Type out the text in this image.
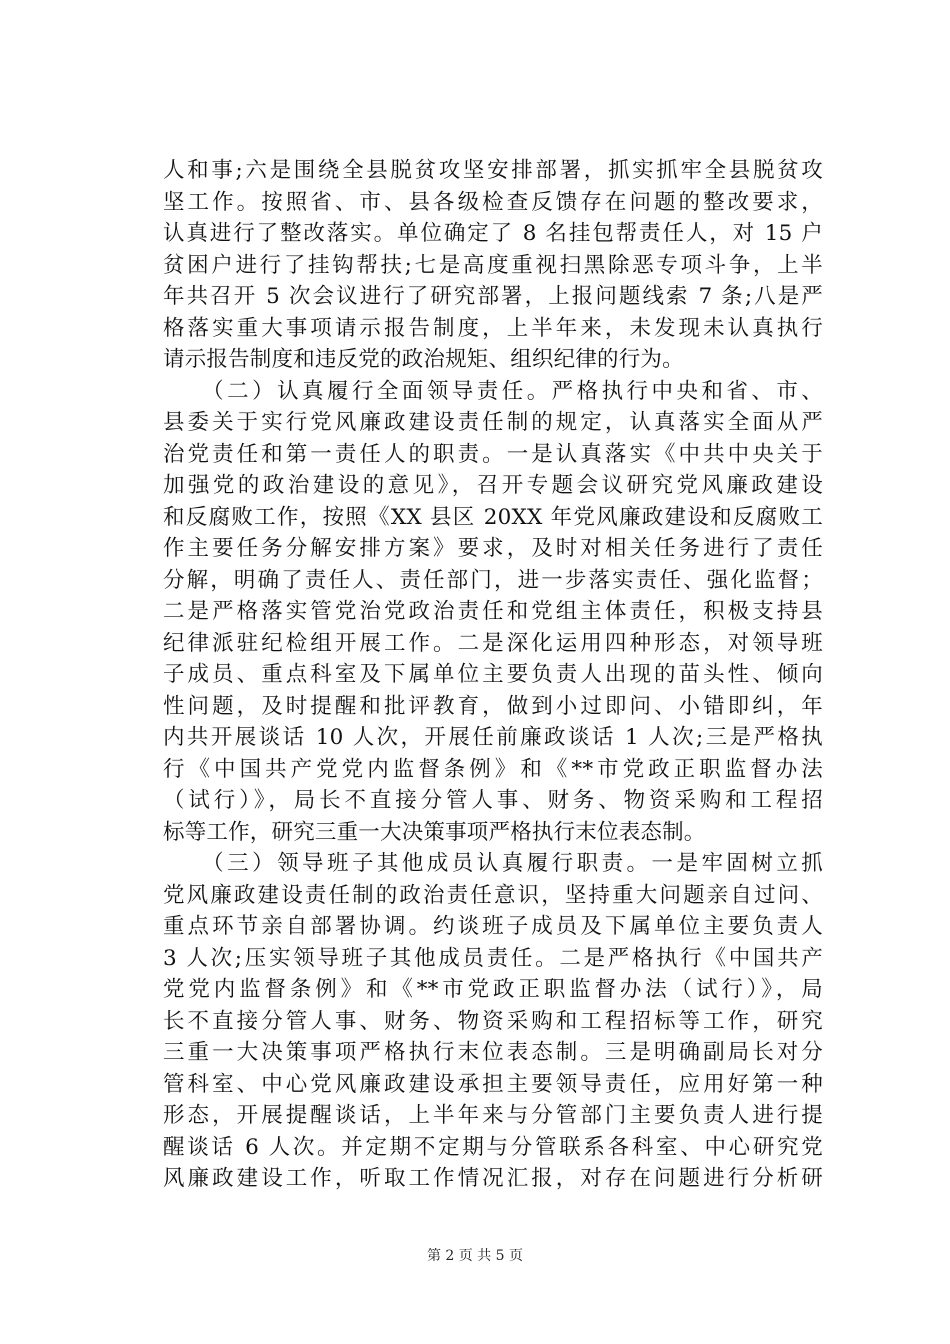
人和事;六是围绕全县脱贫攻坚安排部署，抓实抓牢全县脱贫攻
坚工作。按照省、市、县各级检查反馈存在问题的整改要求，
认真进行了整改落实。单位确定了 8 名挂包帮责任人，对 15 户
贫困户进行了挂钩帮扶;七是高度重视扫黑除恶专项斗争，上半
年共召开 5 次会议进行了研究部署，上报问题线索 7 条;八是严
格落实重大事项请示报告制度，上半年来，未发现未认真执行
请示报告制度和违反党的政治规矩、组织纪律的行为。
　　（二）认真履行全面领导责任。严格执行中央和省、市、
县委关于实行党风廉政建设责任制的规定，认真落实全面从严
治党责任和第一责任人的职责。一是认真落实《中共中央关于
加强党的政治建设的意见》，召开专题会议研究党风廉政建设
和反腐败工作，按照《XX 县区 20XX 年党风廉政建设和反腐败工
作主要任务分解安排方案》要求，及时对相关任务进行了责任
分解，明确了责任人、责任部门，进一步落实责任、强化监督；
二是严格落实管党治党政治责任和党组主体责任，积极支持县
纪律派驻纪检组开展工作。二是深化运用四种形态，对领导班
子成员、重点科室及下属单位主要负责人出现的苗头性、倾向
性问题，及时提醒和批评教育，做到小过即问、小错即纠，年
内共开展谈话 10 人次，开展任前廉政谈话 1 人次;三是严格执
行《中国共产党党内监督条例》和《**市党政正职监督办法
（试行）》，局长不直接分管人事、财务、物资采购和工程招
标等工作，研究三重一大决策事项严格执行末位表态制。
　　（三）领导班子其他成员认真履行职责。一是牢固树立抓
党风廉政建设责任制的政治责任意识，坚持重大问题亲自过问、
重点环节亲自部署协调。约谈班子成员及下属单位主要负责人
3 人次;压实领导班子其他成员责任。二是严格执行《中国共产
党党内监督条例》和《**市党政正职监督办法（试行）》，局
长不直接分管人事、财务、物资采购和工程招标等工作，研究
三重一大决策事项严格执行末位表态制。三是明确副局长对分
管科室、中心党风廉政建设承担主要领导责任，应用好第一种
形态，开展提醒谈话，上半年来与分管部门主要负责人进行提
醒谈话 6 人次。并定期不定期与分管联系各科室、中心研究党
风廉政建设工作，听取工作情况汇报，对存在问题进行分析研
第 2 页 共 5 页
